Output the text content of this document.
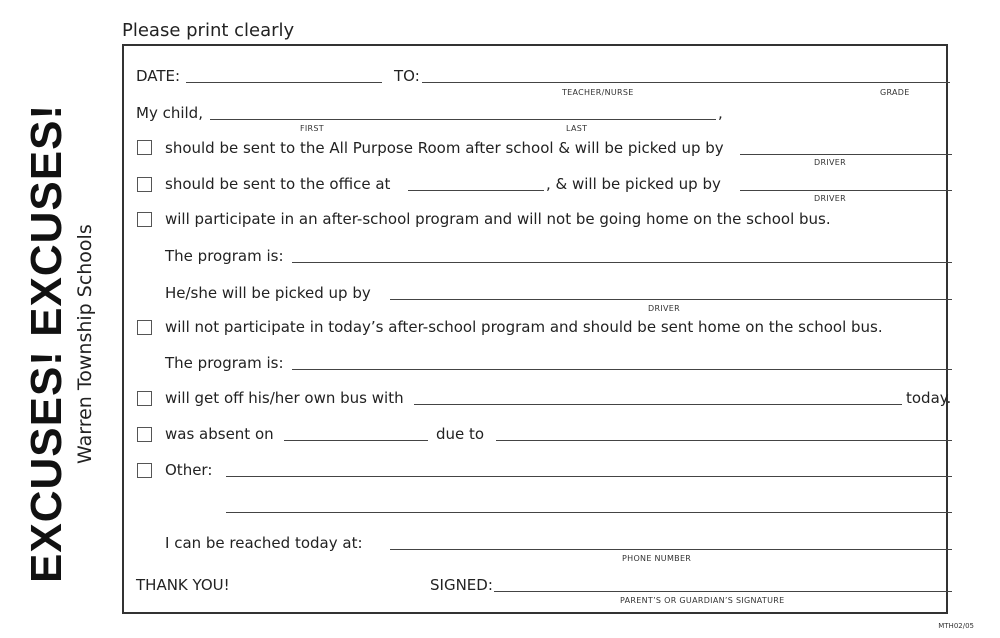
EXCUSES! EXCUSES! Warren Township Schools
Please print clearly
DATE:	TO:
TEACHER/NURSE	GRADE
My child,	,
FIRST	LAST
should be sent to the All Purpose Room after school & will be picked up by
DRIVER
should be sent to the office at	, & will be picked up by
DRIVER
will participate in an after-school program and will not be going home on the school bus.
The program is:
He/she will be picked up by
DRIVER
will not participate in today’s after-school program and should be sent home on the school bus.
The program is:
will get off his/her own bus with	today.
was absent on	due to
Other:
I can be reached today at:
PHONE NUMBER
THANK YOU!	SIGNED:
PARENT’S OR GUARDIAN’S SIGNATURE
MTH02/05
